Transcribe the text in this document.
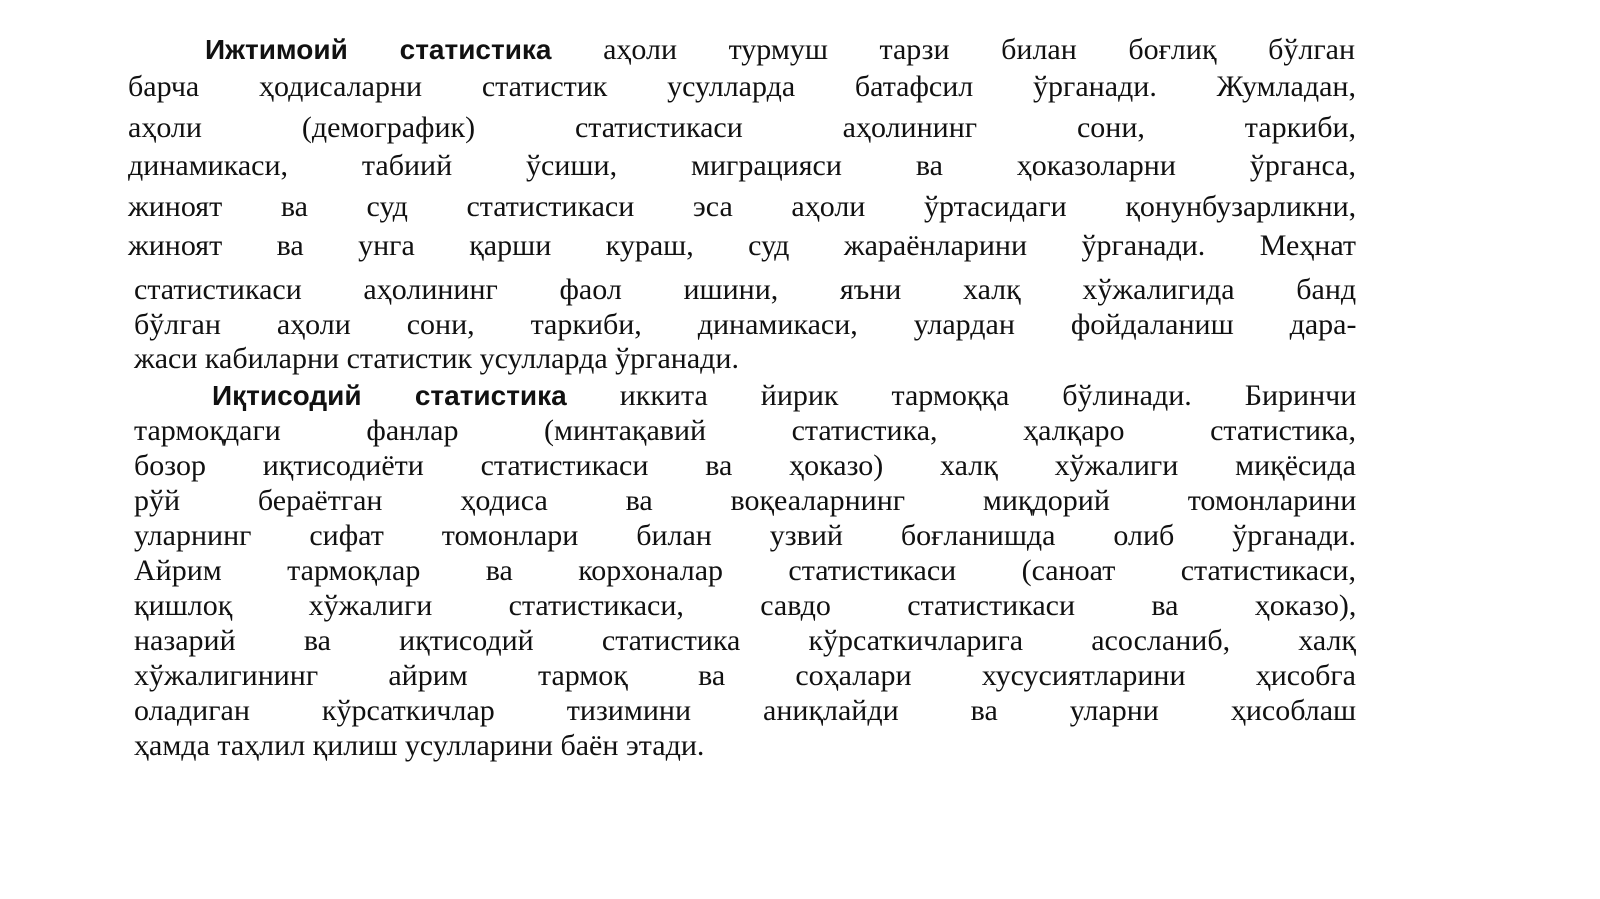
Ижтимоий статистика аҳоли турмуш тарзи билан боғлиқ бўлган
барча ҳодисаларни статистик усулларда батафсил ўрганади. Жумладан,
аҳоли (демографик) статистикаси аҳолининг сони, таркиби,
динамикаси, табиий ўсиши, миграцияси ва ҳоказоларни ўрганса,
жиноят ва суд статистикаси эса аҳоли ўртасидаги қонунбузарликни,
жиноят ва унга қарши кураш, суд жараёнларини ўрганади. Меҳнат
статистикаси аҳолининг фаол ишини, яъни халқ хўжалигида банд
бўлган аҳоли сони, таркиби, динамикаси, улардан фойдаланиш дара-
жаси кабиларни статистик усулларда ўрганади.
Иқтисодий статистика иккита йирик тармоққа бўлинади. Биринчи
тармоқдаги фанлар (минтақавий статистика, ҳалқаро статистика,
бозор иқтисодиёти статистикаси ва ҳоказо) халқ хўжалиги миқёсида
рўй бераётган ҳодиса ва воқеаларнинг миқдорий томонларини
уларнинг сифат томонлари билан узвий боғланишда олиб ўрганади.
Айрим тармоқлар ва корхоналар статистикаси (саноат статистикаси,
қишлоқ хўжалиги статистикаси, савдо статистикаси ва ҳоказо),
назарий ва иқтисодий статистика кўрсаткичларига асосланиб, халқ
хўжалигининг айрим тармоқ ва соҳалари хусусиятларини ҳисобга
оладиган кўрсаткичлар тизимини аниқлайди ва уларни ҳисоблаш
ҳамда таҳлил қилиш усулларини баён этади.
